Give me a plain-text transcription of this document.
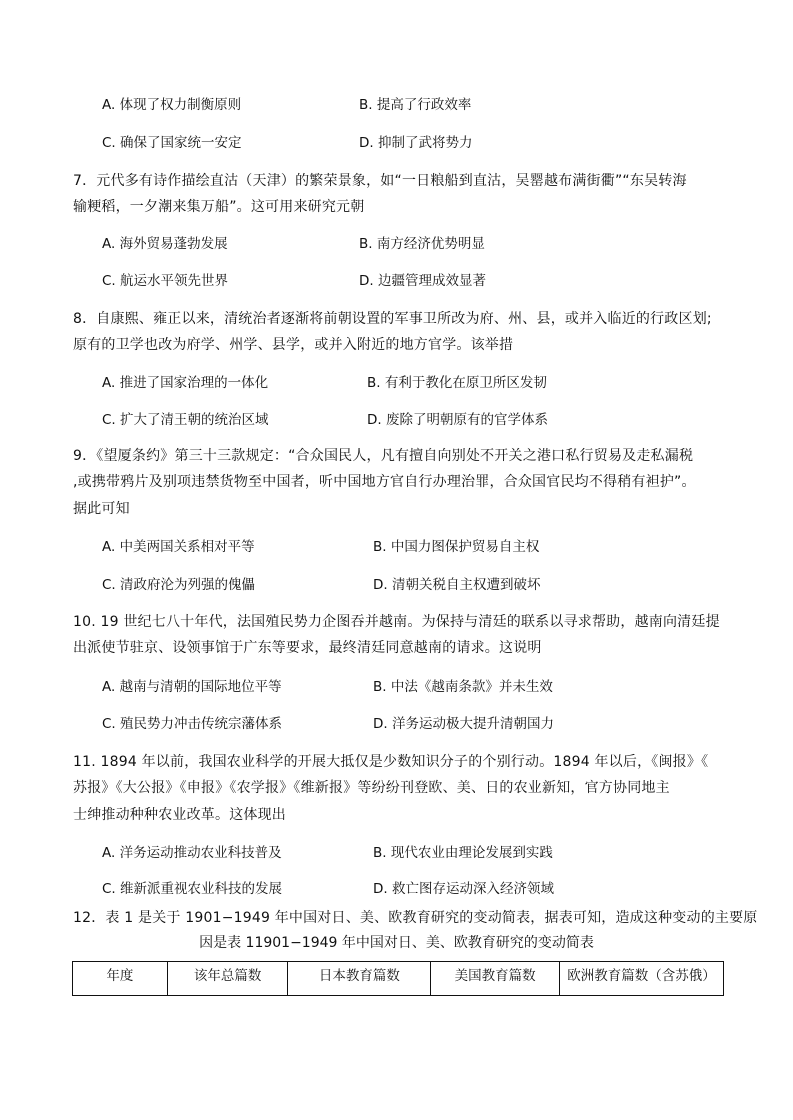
A. 体现了权力制衡原则	B. 提高了行政效率
C. 确保了国家统一安定	D. 抑制了武将势力
7．元代多有诗作描绘直沽（天津）的繁荣景象，如“一日粮船到直沽，吴罂越布满街衢”“东吴转海
输粳稻，一夕潮来集万船”。这可用来研究元朝
A. 海外贸易蓬勃发展	B. 南方经济优势明显
C. 航运水平领先世界	D. 边疆管理成效显著
8．自康熙、雍正以来，清统治者逐渐将前朝设置的军事卫所改为府、州、县，或并入临近的行政区划;
原有的卫学也改为府学、州学、县学，或并入附近的地方官学。该举措
A. 推进了国家治理的一体化	B. 有利于教化在原卫所区发韧
C. 扩大了清王朝的统治区域	D. 废除了明朝原有的官学体系
9．《望厦条约》第三十三款规定：“合众国民人，凡有擅自向别处不开关之港口私行贸易及走私漏税
,或携带鸦片及别项违禁货物至中国者，听中国地方官自行办理治罪，合众国官民均不得稍有袒护”。
据此可知
A. 中美两国关系相对平等	B. 中国力图保护贸易自主权
C. 清政府沦为列强的傀儡	D. 清朝关税自主权遭到破坏
10. 19 世纪七八十年代，法国殖民势力企图吞并越南。为保持与清廷的联系以寻求帮助，越南向清廷提
出派使节驻京、设领事馆于广东等要求，最终清廷同意越南的请求。这说明
A. 越南与清朝的国际地位平等	B. 中法《越南条款》并未生效
C. 殖民势力冲击传统宗藩体系	D. 洋务运动极大提升清朝国力
11. 1894 年以前，我国农业科学的开展大抵仅是少数知识分子的个别行动。1894 年以后，《闽报》《
苏报》《大公报》《申报》《农学报》《维新报》等纷纷刊登欧、美、日的农业新知，官方协同地主
士绅推动种种农业改革。这体现出
A. 洋务运动推动农业科技普及	B. 现代农业由理论发展到实践
C. 维新派重视农业科技的发展	D. 救亡图存运动深入经济领域
12．表 1 是关于 1901−1949 年中国对日、美、欧教育研究的变动简表，据表可知，造成这种变动的主要原
因是表 11901−1949 年中国对日、美、欧教育研究的变动简表
年度	该年总篇数	日本教育篇数	美国教育篇数	欧洲教育篇数（含苏俄）
